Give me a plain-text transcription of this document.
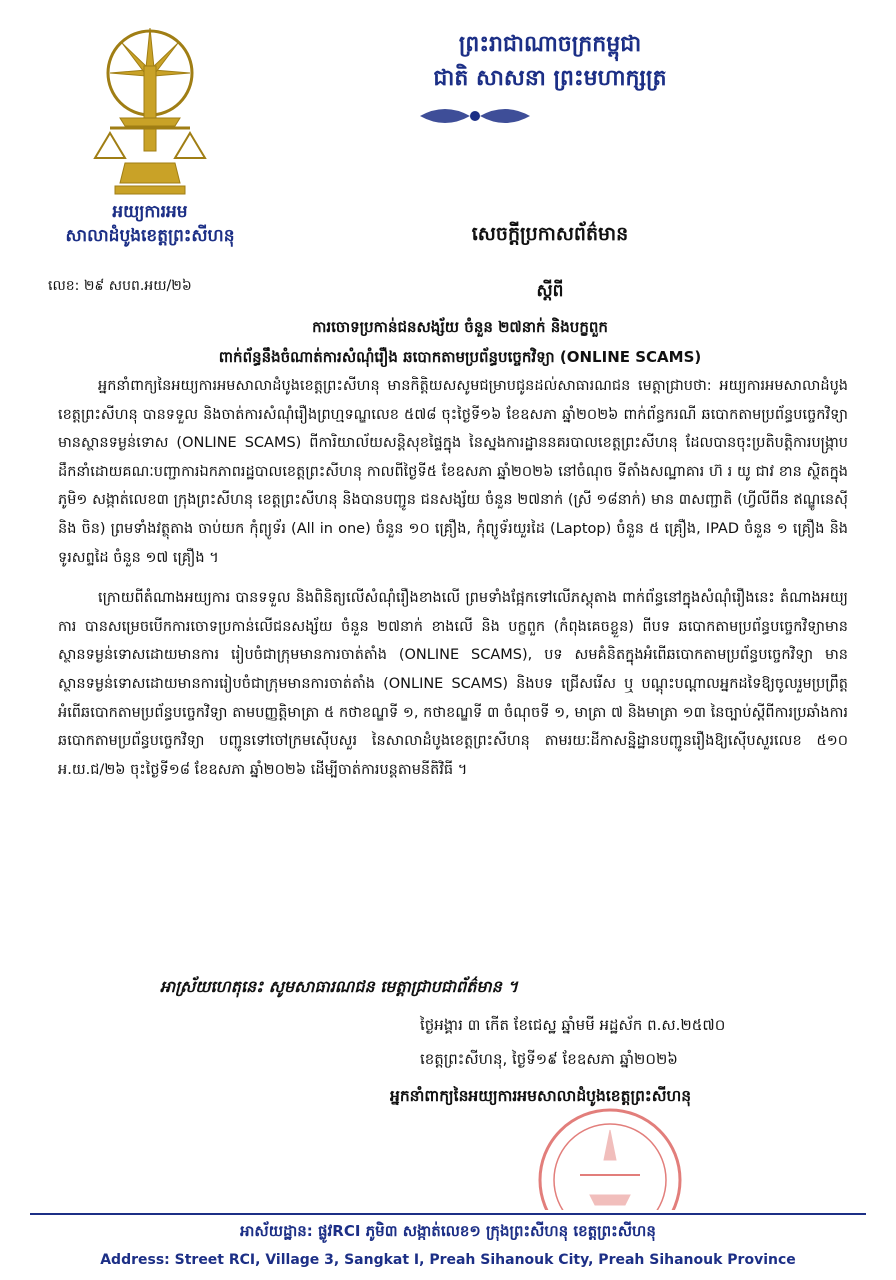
អយ្យការអម
សាលាដំបូងខេត្តព្រះសីហនុ
ព្រះរាជាណាចក្រកម្ពុជា
ជាតិ សាសនា ព្រះមហាក្សត្រ
សេចក្តីប្រកាសព័ត៌មាន
លេខ: ២៩ សបព.អយ/២៦	ស្តីពី
ការចោទប្រកាន់ជនសង្ស័យ ចំនួន ២៧នាក់ និងបក្ខពួក
ពាក់ព័ន្ធនឹងចំណាត់ការសំណុំរឿង ឆបោកតាមប្រព័ន្ធបច្ចេកវិទ្យា (ONLINE SCAMS)

អ្នកនាំពាក្យនៃអយ្យការអមសាលាដំបូងខេត្តព្រះសីហនុ មានកិត្តិយសសូមជម្រាបជូនដល់សាធារណជន មេត្តាជ្រាបថា: អយ្យការអមសាលាដំបូងខេត្តព្រះសីហនុ បានទទួល និងចាត់ការសំណុំរឿងព្រហ្មទណ្ឌលេខ ៥៧៨ ចុះថ្ងៃទី១៦ ខែឧសភា ឆ្នាំ២០២៦ ពាក់ព័ន្ធករណី ឆបោកតាមប្រព័ន្ធបច្ចេកវិទ្យាមានស្ថានទម្ងន់ទោស (ONLINE SCAMS) ពីការិយាល័យសន្តិសុខផ្ទៃក្នុង នៃស្នងការដ្ឋាននគរបាលខេត្តព្រះសីហនុ ដែលបានចុះប្រតិបត្តិការបង្ក្រាប ដឹកនាំដោយគណៈបញ្ជាការឯកភាពរដ្ឋបាលខេត្តព្រះសីហនុ កាលពីថ្ងៃទី៥ ខែឧសភា ឆ្នាំ២០២៦ នៅចំណុច ទីតាំងសណ្ឋាគារ ហ៊ រ យូ ជាវ ខាន ស្ថិតក្នុងភូមិ១ សង្កាត់លេខ៣ ក្រុងព្រះសីហនុ ខេត្តព្រះសីហនុ និងបានបញ្ជូន ជនសង្ស័យ ចំនួន ២៧នាក់ (ស្រី ១៨នាក់) មាន ៣សញ្ជាតិ (ហ្វីលីពីន ឥណ្ឌូនេស៊ី និង ចិន) ព្រមទាំងវត្ថុតាង ចាប់យក កុំព្យូទ័រ (All in one) ចំនួន ១០ គ្រឿង, កុំព្យូទ័រយួរដៃ (Laptop) ចំនួន ៥ គ្រឿង, IPAD ចំនួន ១ គ្រឿង និង ទូរសព្ទដៃ ចំនួន ១៧ គ្រឿង ។

ក្រោយពីតំណាងអយ្យការ បានទទួល និងពិនិត្យលើសំណុំរឿងខាងលើ ព្រមទាំងផ្អែកទៅលើភស្តុតាង ពាក់ព័ន្ធនៅក្នុងសំណុំរឿងនេះ តំណាងអយ្យការ បានសម្រេចបើកការចោទប្រកាន់លើជនសង្ស័យ ចំនួន ២៧នាក់ ខាងលើ និង បក្ខពួក (កំពុងគេចខ្លួន) ពីបទ ឆបោកតាមប្រព័ន្ធបច្ចេកវិទ្យាមានស្ថានទម្ងន់ទោសដោយមានការ រៀបចំជាក្រុមមានការចាត់តាំង (ONLINE SCAMS), បទ សមគំនិតក្នុងអំពើឆបោកតាមប្រព័ន្ធបច្ចេកវិទ្យា មានស្ថានទម្ងន់ទោសដោយមានការរៀបចំជាក្រុមមានការចាត់តាំង (ONLINE SCAMS) និងបទ ជ្រើសរើស ឬ បណ្តុះបណ្តាលអ្នកដទៃឱ្យចូលរួមប្រព្រឹត្តអំពើឆបោកតាមប្រព័ន្ធបច្ចេកវិទ្យា តាមបញ្ញត្តិមាត្រា ៥ កថាខណ្ឌទី ១, កថាខណ្ឌទី ៣ ចំណុចទី ១, មាត្រា ៧ និងមាត្រា ១៣ នៃច្បាប់ស្តីពីការប្រឆាំងការឆបោកតាមប្រព័ន្ធបច្ចេកវិទ្យា បញ្ជូនទៅចៅក្រមស៊ើបសួរ នៃសាលាដំបូងខេត្តព្រះសីហនុ តាមរយៈដីកាសន្និដ្ឋានបញ្ជូនរឿងឱ្យស៊ើបសួរលេខ ៥១០ អ.យ.ជ/២៦ ចុះថ្ងៃទី១៨ ខែឧសភា ឆ្នាំ២០២៦ ដើម្បីចាត់ការបន្តតាមនីតិវិធី ។

អាស្រ័យហេតុនេះ សូមសាធារណជន មេត្តាជ្រាបជាព័ត៌មាន ។
ថ្ងៃអង្គារ ៣ កើត ខែជេស្ឋ ឆ្នាំមមី អដ្ឋស័ក ព.ស.២៥៧០
ខេត្តព្រះសីហនុ, ថ្ងៃទី១៩ ខែឧសភា ឆ្នាំ២០២៦
អ្នកនាំពាក្យនៃអយ្យការអមសាលាដំបូងខេត្តព្រះសីហនុ
អាស័យដ្ឋាន: ផ្លូវRCI ភូមិ៣ សង្កាត់លេខ១ ក្រុងព្រះសីហនុ ខេត្តព្រះសីហនុ
Address: Street RCI, Village 3, Sangkat I, Preah Sihanouk City, Preah Sihanouk Province
